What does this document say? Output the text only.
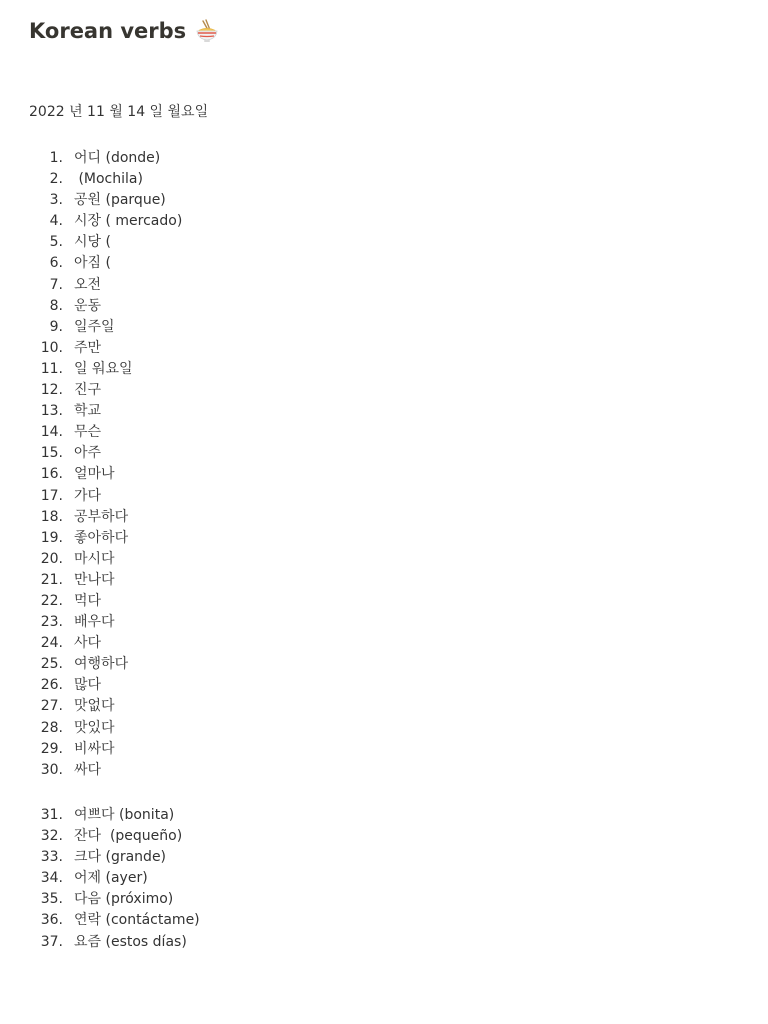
Korean verbs
2022 년 11 월 14 일 월요일
1. 어디 (donde)
2. (Mochila)
3. 공원 (parque)
4. 시장 ( mercado)
5. 시당 (
6. 아짐 (
7. 오전
8. 운동
9. 일주일
10. 주만
11. 일 워요일
12. 진구
13. 학교
14. 무슨
15. 아주
16. 얼마나
17. 가다
18. 공부하다
19. 좋아하다
20. 마시다
21. 만나다
22. 먹다
23. 배우다
24. 사다
25. 여행하다
26. 많다
27. 맛없다
28. 맛있다
29. 비싸다
30. 싸다
31. 여쁘다 (bonita)
32. 잔다  (pequeño)
33. 크다 (grande)
34. 어제 (ayer)
35. 다음 (próximo)
36. 연락 (contáctame)
37. 요즘 (estos días)
